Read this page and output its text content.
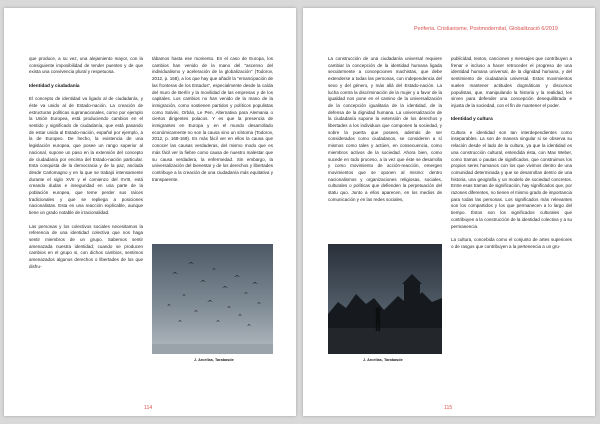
que produce, a su vez, una alejamiento mayor, con la consiguiente imposibilidad de tender puentes y de que exista una convivencia plural y respetuosa.

Identidad y ciudadanía

El concepto de identidad va ligado al de ciudadanía, y éste va unido al de Estado-nación. La creación de estructuras políticas supranacionales, como por ejemplo la Unión Europea, está produciendo cambios en el sentido y significado de ciudadanía, que está pasando de estar unida al Estado-nación, español por ejemplo, a la de Europeo. De hecho, la existencia de una legislación europea, que posee un rango superior al nacional, supone un paso en la extensión del concepto de ciudadanía por encima del Estado-nación particular. Esta conquista de la democracia y de la paz, anclada desde Carlomagno y en la que se trabajó intensamente durante el siglo XVII y el comienzo del XVIII, está creando dudas e inseguridad en una parte de la población europea, que teme perder sus raíces tradicionales y que se repliega a posiciones nacionalistas. Esta es una reacción explicable, aunque tiene un grado notable de irracionalidad.

Las personas y los colectivos sociales necesitamos la referencia de una identidad colectiva que nos haga sentir miembros de un grupo. Sabemos sentir amenazada nuestra identidad, cuando se producen cambios en el grupo si, con dichos cambios, sentimos amenazados algunos derechos o libertades de los que disfru-

tábamos hasta ese momento. En el caso de Europa, los cambios han venido de la mano del "ascenso del individualismo y aceleración de la globalización" (Todorov, 2012, p. 168), a los que hay que añadir la "emancipación de las fronteras de los Estados", especialmente desde la caída del muro de Berlín y la movilidad de las empresas y de los capitales. Los cambios no han venido de la mano de la inmigración, como sostienen partidos y políticos populistas como Salvini, Orbán, Le Pen, Alternativa para Alemania o ciertos dirigentes polacos. Y es que la presencia de inmigrantes en Europa y en el mundo desarrollado económicamente no son la causa sino un síntoma (Todorov, 2012, p. 168-169). Es más fácil ver en ellos la causa que conocer las causas verdaderas, del mismo modo que es más fácil ver la fiebre como causa de nuestro malestar que su causa verdadera, la enfermedad. Sin embargo, la universalización del bienestar y de los derechos y libertades contribuye a la creación de una ciudadanía más equitativa y transparente.

J. Arcellas, Tarabasde
114
Periferia. Cristianisme, Postmodernitat, Globalització 6/2019

La construcción de una ciudadanía universal requiere cambiar la concepción de la identidad humana ligada secularmente a concepciones machistas, que debe extenderse a todas las personas, con independencia del sexo y del género, y más allá del Estado-nación. La lucha contra la discriminación de la mujer y a favor de la igualdad nos pone en el camino de la universalización de la concepción igualitaria de la identidad, de la defensa de la dignidad humana. La universalización de la ciudadanía supone la extensión de los derechos y libertades a los individuos que componen la sociedad, y sobre la puerta que poseen, además de ser considerados como ciudadanos, se consideren a sí mismos como tales y actúen, en consecuencia, como miembros activos de la sociedad. Ahora bien, como sucede en todo proceso, a la vez que éste se desarrolla y como movimiento de acción-reacción, emergen movimientos que se oponen al mismo: dentro nacionalismos y organizaciones religiosas, sociales, culturales o políticas que defienden la perpetuación del statu quo. Junto a ellos aparecen, en los medios de comunicación y en las redes sociales,

publicidad, textos, canciones y mensajes que contribuyen a frenar e incluso a hacer retroceder el progreso de una identidad humana universal, de la dignidad humana, y del sentimiento de ciudadanía universal. Estos movimientos suelen mantener actitudes dogmáticas y discursos populistas, que, manipulando la historia y la realidad, les sirven para defender una concepción desequilibrada e injusta de la sociedad, con el fin de mantener el poder.

Identidad y cultura

Cultura e identidad son tan interdependientes como inseparables. La son de manera singular si se observa su relación desde el lado de la cultura, ya que la identidad es una construcción cultural, entendida ésta, con Max Weber, como tramas o pautas de significados, que construimos los propios seres humanos con los que vivimos dentro de una comunidad determinada y que se desarrollan dentro de una historia, una geografía y un modelo de sociedad concretos. Entre esas tramas de significación, hay significados que, por razones diferentes, no tienen el mismo grado de importancia para todas las personas. Los significados más relevantes son los compartidos y los que permanecen a lo largo del tiempo. Éstos son los significados culturales que contribuyen a la construcción de la identidad colectiva y a su permanencia.

La cultura, concebida como el conjunto de artes superiores o de rasgos que contribuyen a la pertenencia a un gru-

J. Arcellas, Tarabasde
115
